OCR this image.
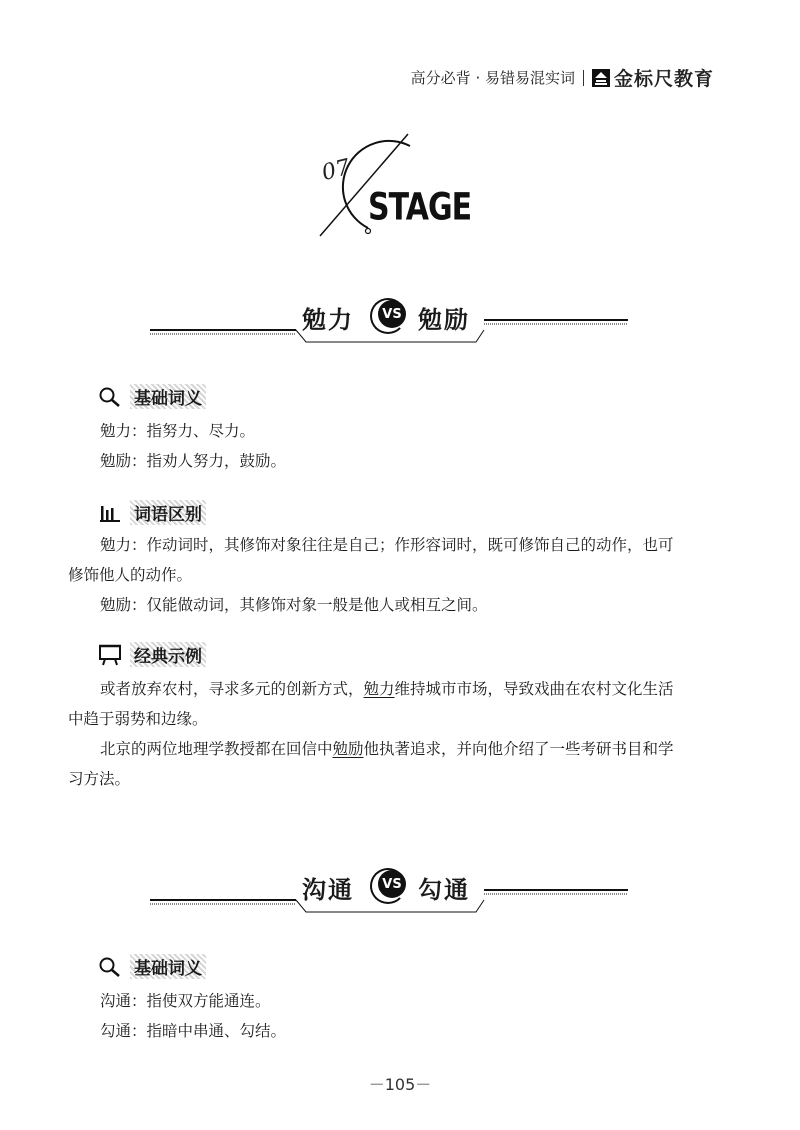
高分必背 · 易错易混实词 金标尺教育
07
STAGE
勉力	VS 勉励
基础词义
勉力：指努力、尽力。
勉励：指劝人努力，鼓励。
词语区别
勉力：作动词时，其修饰对象往往是自己；作形容词时，既可修饰自己的动作，也可
修饰他人的动作。
勉励：仅能做动词，其修饰对象一般是他人或相互之间。
经典示例
或者放弃农村，寻求多元的创新方式，勉力维持城市市场，导致戏曲在农村文化生活
中趋于弱势和边缘。
北京的两位地理学教授都在回信中勉励他执著追求，并向他介绍了一些考研书目和学
习方法。
沟通	VS 勾通
基础词义
沟通：指使双方能通连。
勾通：指暗中串通、勾结。
－105－
